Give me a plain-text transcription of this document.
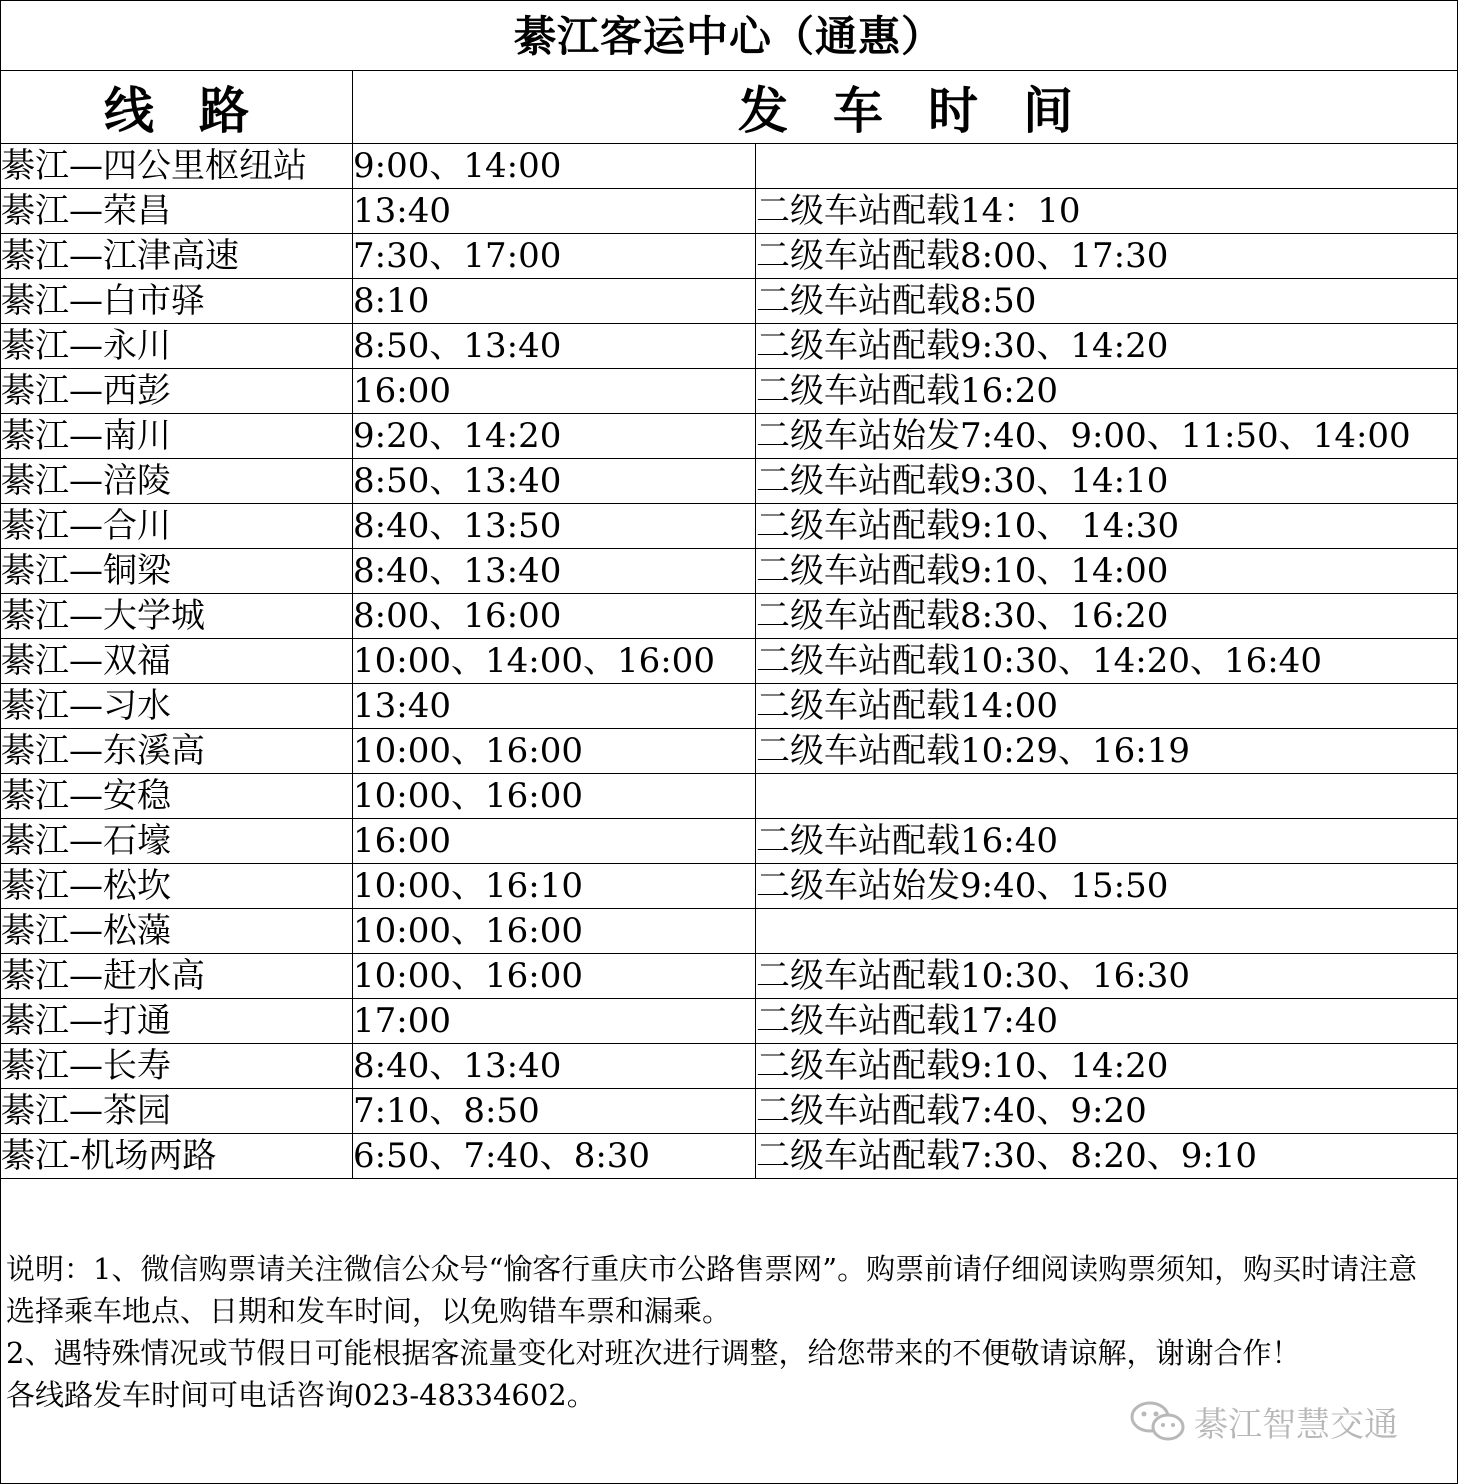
綦江客运中心（通惠）
线路	发车时间	
綦江—四公里枢纽站	9:00、14:00	
綦江—荣昌	13:40	二级车站配载14：10
綦江—江津高速	7:30、17:00	二级车站配载8:00、17:30
綦江—白市驿	8:10	二级车站配载8:50
綦江—永川	8:50、13:40	二级车站配载9:30、14:20
綦江—西彭	16:00	二级车站配载16:20
綦江—南川	9:20、14:20	二级车站始发7:40、9:00、11:50、14:00
綦江—涪陵	8:50、13:40	二级车站配载9:30、14:10
綦江—合川	8:40、13:50	二级车站配载9:10、 14:30
綦江—铜梁	8:40、13:40	二级车站配载9:10、14:00
綦江—大学城	8:00、16:00	二级车站配载8:30、16:20
綦江—双福	10:00、14:00、16:00	二级车站配载10:30、14:20、16:40
綦江—习水	13:40	二级车站配载14:00
綦江—东溪高	10:00、16:00	二级车站配载10:29、16:19
綦江—安稳	10:00、16:00	
綦江—石壕	16:00	二级车站配载16:40
綦江—松坎	10:00、16:10	二级车站始发9:40、15:50
綦江—松藻	10:00、16:00	
綦江—赶水高	10:00、16:00	二级车站配载10:30、16:30
綦江—打通	17:00	二级车站配载17:40
綦江—长寿	8:40、13:40	二级车站配载9:10、14:20
綦江—茶园	7:10、8:50	二级车站配载7:40、9:20
綦江-机场两路	6:50、7:40、8:30	二级车站配载7:30、8:20、9:10

说明：1、微信购票请关注微信公众号“愉客行重庆市公路售票网”。购票前请仔细阅读购票须知，购买时请注意选择乘车地点、日期和发车时间，以免购错车票和漏乘。

2、遇特殊情况或节假日可能根据客流量变化对班次进行调整，给您带来的不便敬请谅解，谢谢合作！

各线路发车时间可电话咨询023-48334602。

綦江智慧交通
